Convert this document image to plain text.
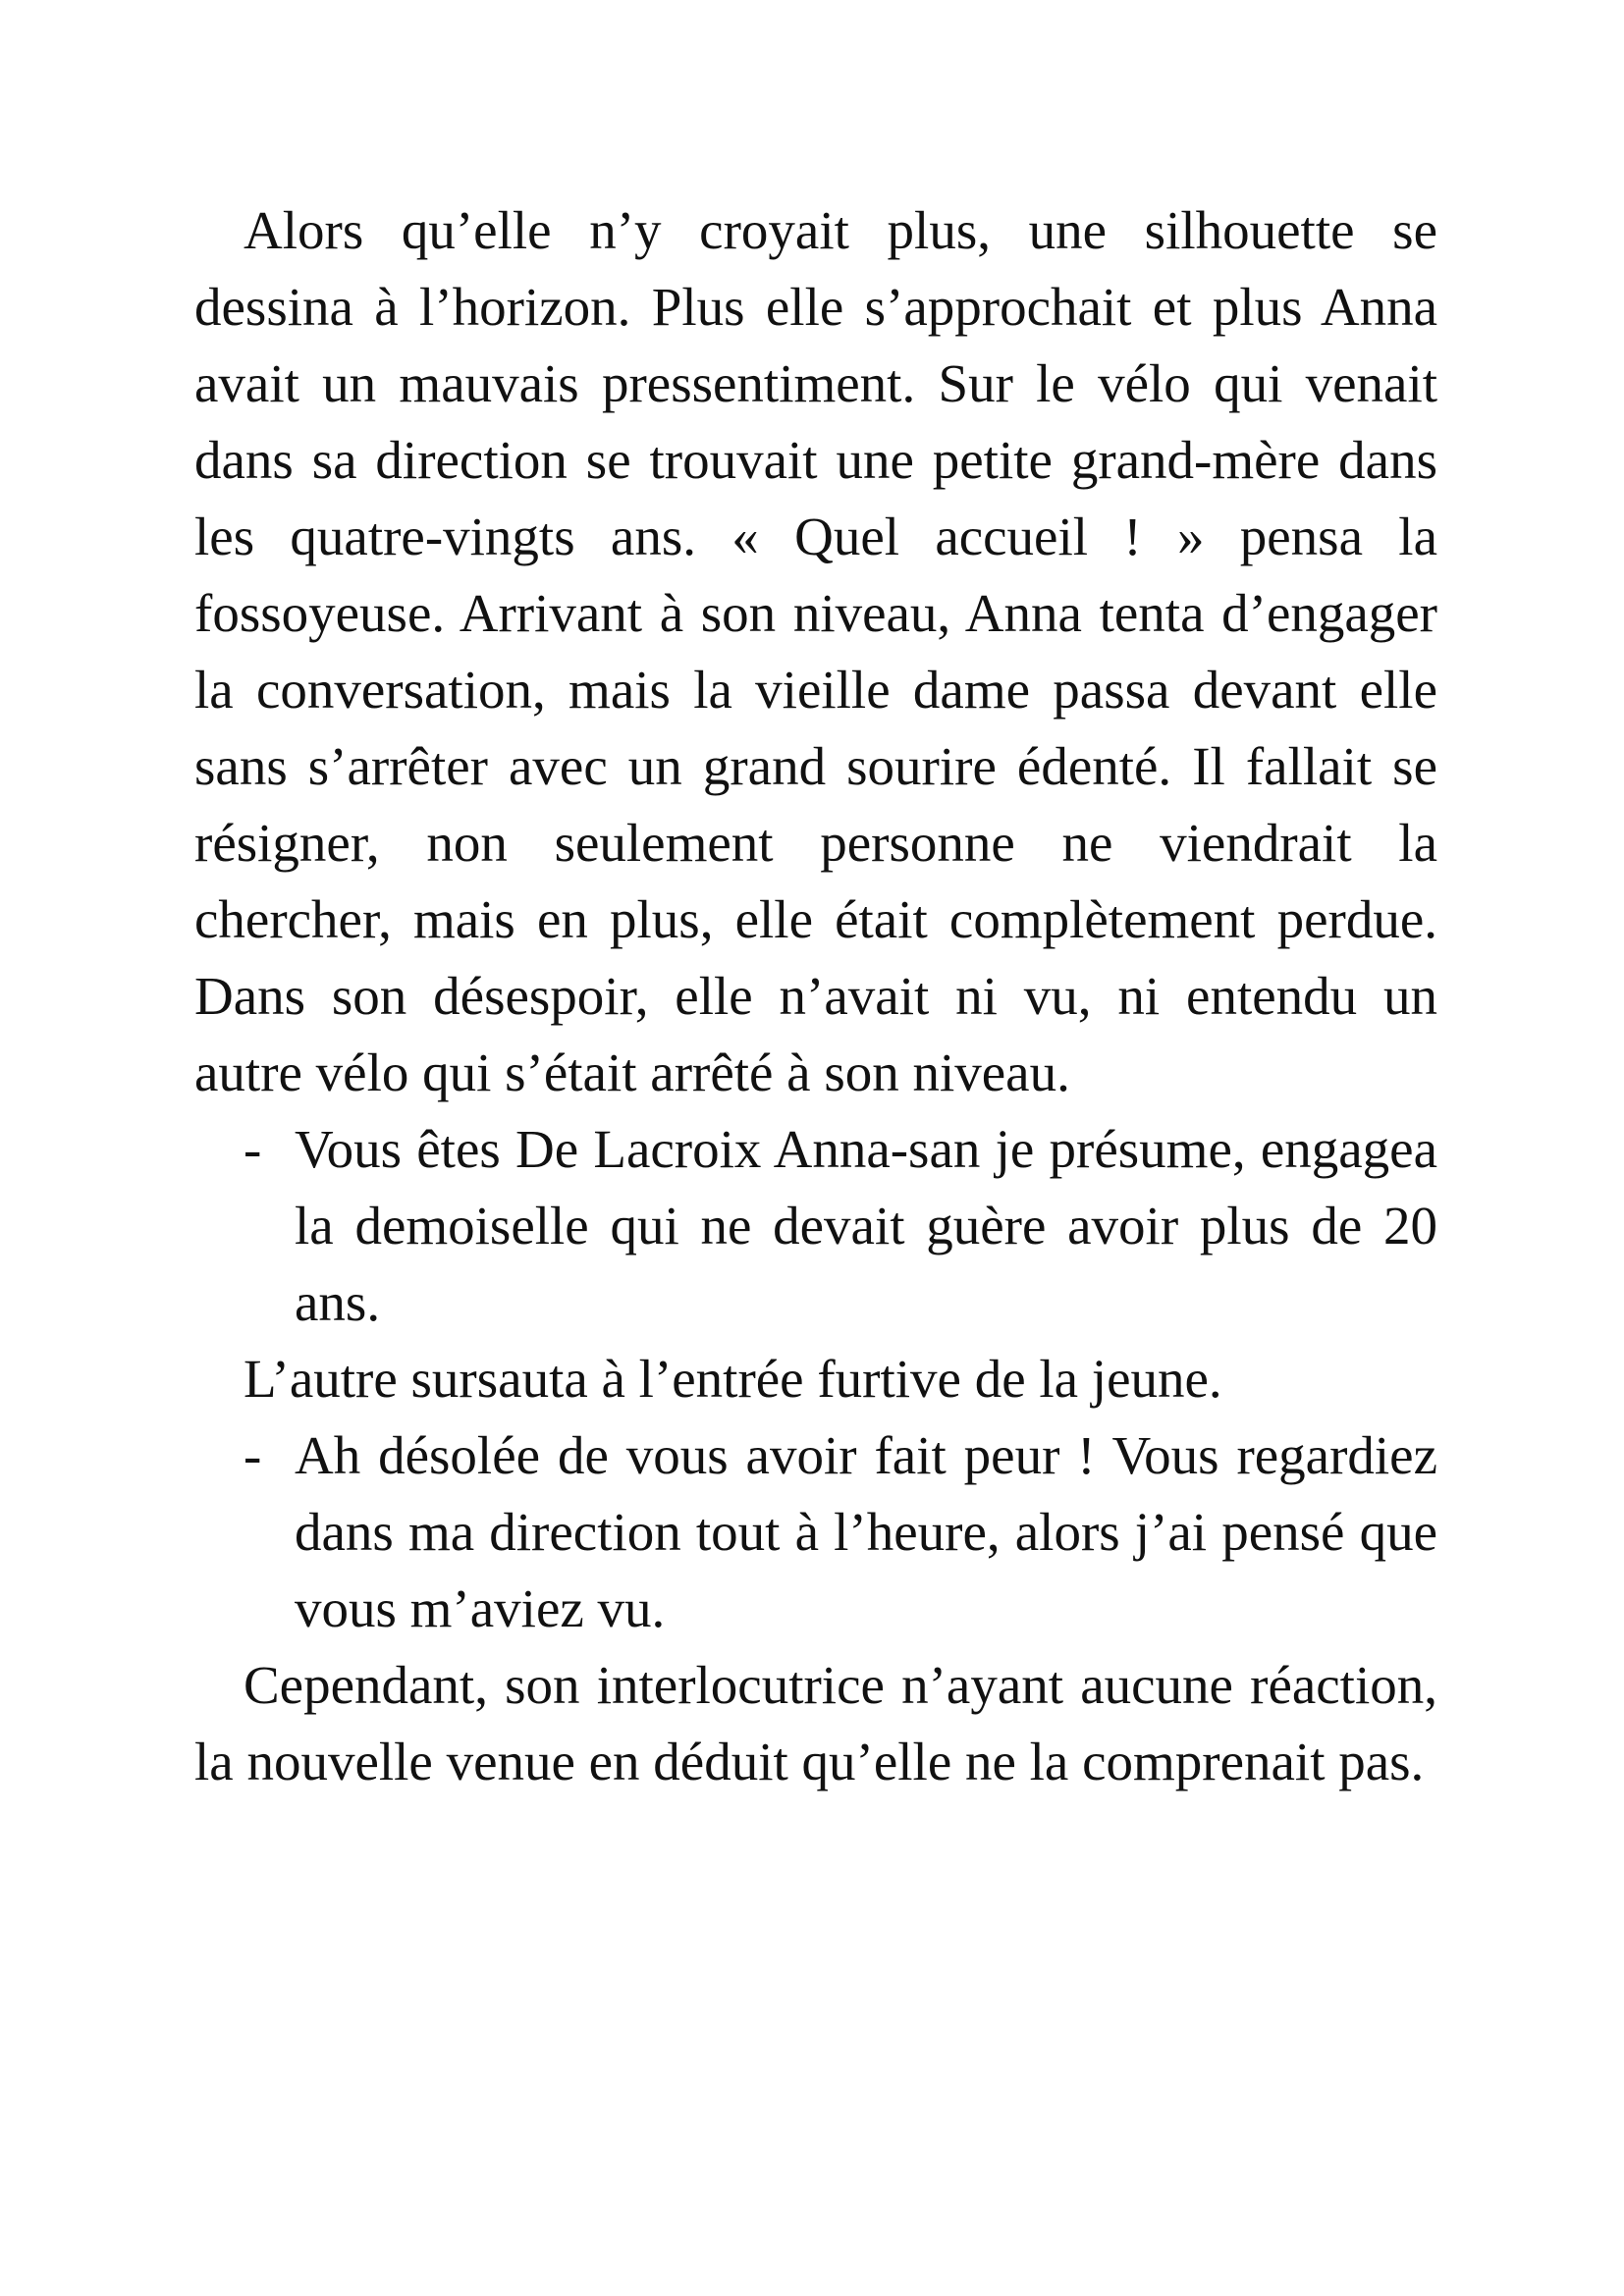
Alors qu’elle n’y croyait plus, une silhouette se dessina à l’horizon. Plus elle s’approchait et plus Anna avait un mauvais pressentiment. Sur le vélo qui venait dans sa direction se trouvait une petite grand-mère dans les quatre-vingts ans. « Quel accueil ! » pensa la fossoyeuse. Arrivant à son niveau, Anna tenta d’engager la conversation, mais la vieille dame passa devant elle sans s’arrêter avec un grand sourire édenté. Il fallait se résigner, non seulement personne ne viendrait la chercher, mais en plus, elle était complètement perdue. Dans son désespoir, elle n’avait ni vu, ni entendu un autre vélo qui s’était arrêté à son niveau.

- Vous êtes De Lacroix Anna-san je présume, engagea la demoiselle qui ne devait guère avoir plus de 20 ans.

L’autre sursauta à l’entrée furtive de la jeune.

- Ah désolée de vous avoir fait peur ! Vous regardiez dans ma direction tout à l’heure, alors j’ai pensé que vous m’aviez vu.

Cependant, son interlocutrice n’ayant aucune réaction, la nouvelle venue en déduit qu’elle ne la comprenait pas.
